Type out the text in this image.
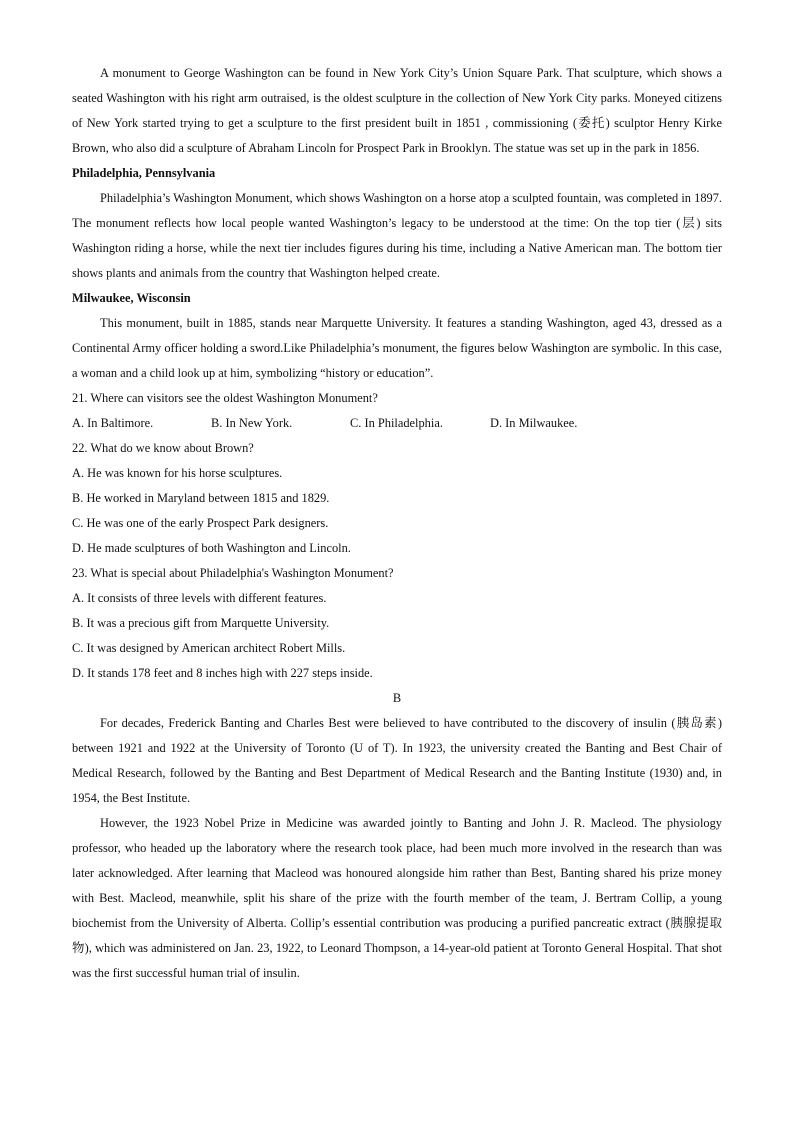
A monument to George Washington can be found in New York City’s Union Square Park. That sculpture, which shows a seated Washington with his right arm outraised, is the oldest sculpture in the collection of New York City parks. Moneyed citizens of New York started trying to get a sculpture to the first president built in 1851 , commissioning (委托) sculptor Henry Kirke Brown, who also did a sculpture of Abraham Lincoln for Prospect Park in Brooklyn. The statue was set up in the park in 1856.

Philadelphia, Pennsylvania

Philadelphia’s Washington Monument, which shows Washington on a horse atop a sculpted fountain, was completed in 1897. The monument reflects how local people wanted Washington’s legacy to be understood at the time: On the top tier (层) sits Washington riding a horse, while the next tier includes figures during his time, including a Native American man. The bottom tier shows plants and animals from the country that Washington helped create.

Milwaukee, Wisconsin

This monument, built in 1885, stands near Marquette University. It features a standing Washington, aged 43, dressed as a Continental Army officer holding a sword.Like Philadelphia’s monument, the figures below Washington are symbolic. In this case, a woman and a child look up at him, symbolizing “history or education”.

21. Where can visitors see the oldest Washington Monument?

A. In Baltimore.	B. In New York.	C. In Philadelphia.	D. In Milwaukee.

22. What do we know about Brown?

A. He was known for his horse sculptures.

B. He worked in Maryland between 1815 and 1829.

C. He was one of the early Prospect Park designers.

D. He made sculptures of both Washington and Lincoln.

23. What is special about Philadelphia's Washington Monument?

A. It consists of three levels with different features.

B. It was a precious gift from Marquette University.

C. It was designed by American architect Robert Mills.

D. It stands 178 feet and 8 inches high with 227 steps inside.

B

For decades, Frederick Banting and Charles Best were believed to have contributed to the discovery of insulin (胰岛素) between 1921 and 1922 at the University of Toronto (U of T). In 1923, the university created the Banting and Best Chair of Medical Research, followed by the Banting and Best Department of Medical Research and the Banting Institute (1930) and, in 1954, the Best Institute.

However, the 1923 Nobel Prize in Medicine was awarded jointly to Banting and John J. R. Macleod. The physiology professor, who headed up the laboratory where the research took place, had been much more involved in the research than was later acknowledged. After learning that Macleod was honoured alongside him rather than Best, Banting shared his prize money with Best. Macleod, meanwhile, split his share of the prize with the fourth member of the team, J. Bertram Collip, a young biochemist from the University of Alberta. Collip’s essential contribution was producing a purified pancreatic extract (胰腺提取物), which was administered on Jan. 23, 1922, to Leonard Thompson, a 14-year-old patient at Toronto General Hospital. That shot was the first successful human trial of insulin.
